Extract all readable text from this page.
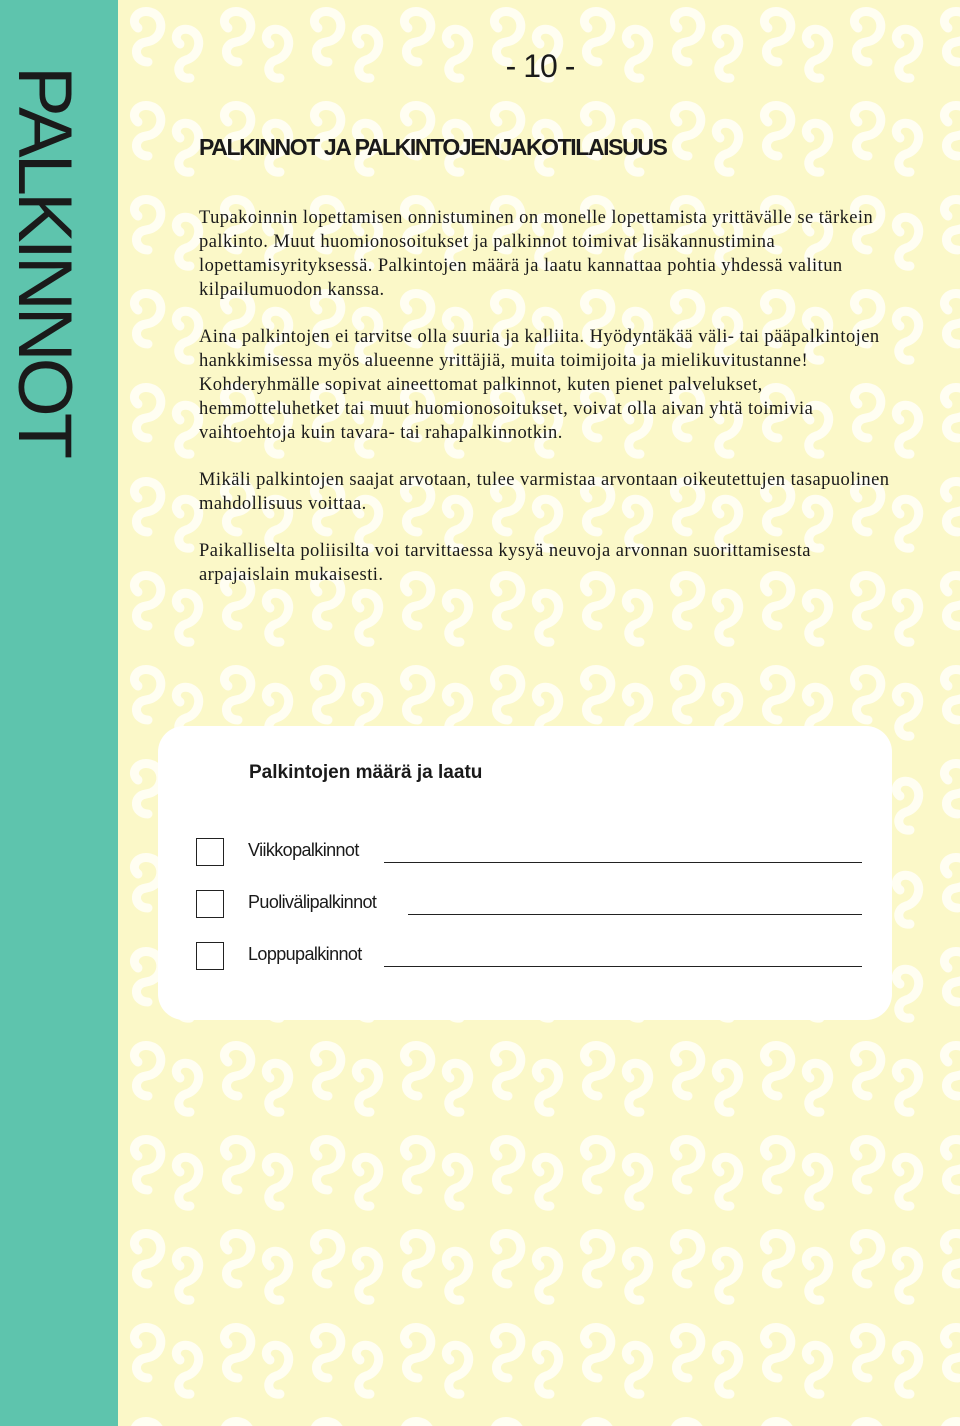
PALKINNOT	- 10 -
PALKINNOT JA PALKINTOJENJAKOTILAISUUS

Tupakoinnin lopettamisen onnistuminen on monelle lopettamista yrittävälle se tärkein palkinto. Muut huomionosoitukset ja palkinnot toimivat lisäkannustimina lopettamisyrityksessä. Palkintojen määrä ja laatu kannattaa pohtia yhdessä valitun kilpailumuodon kanssa.

Aina palkintojen ei tarvitse olla suuria ja kalliita. Hyödyntäkää väli- tai pääpalkintojen hankkimisessa myös alueenne yrittäjiä, muita toimijoita ja mielikuvitustanne! Kohderyhmälle sopivat aineettomat palkinnot, kuten pienet palvelukset, hemmotteluhetket tai muut huomionosoitukset, voivat olla aivan yhtä toimivia vaihtoehtoja kuin tavara- tai rahapalkinnotkin.

Mikäli palkintojen saajat arvotaan, tulee varmistaa arvontaan oikeutettujen tasapuolinen mahdollisuus voittaa.

Paikalliselta poliisilta voi tarvittaessa kysyä neuvoja arvonnan suorittamisesta arpajaislain mukaisesti.

Palkintojen määrä ja laatu
Viikkopalkinnot
Puolivälipalkinnot
Loppupalkinnot
